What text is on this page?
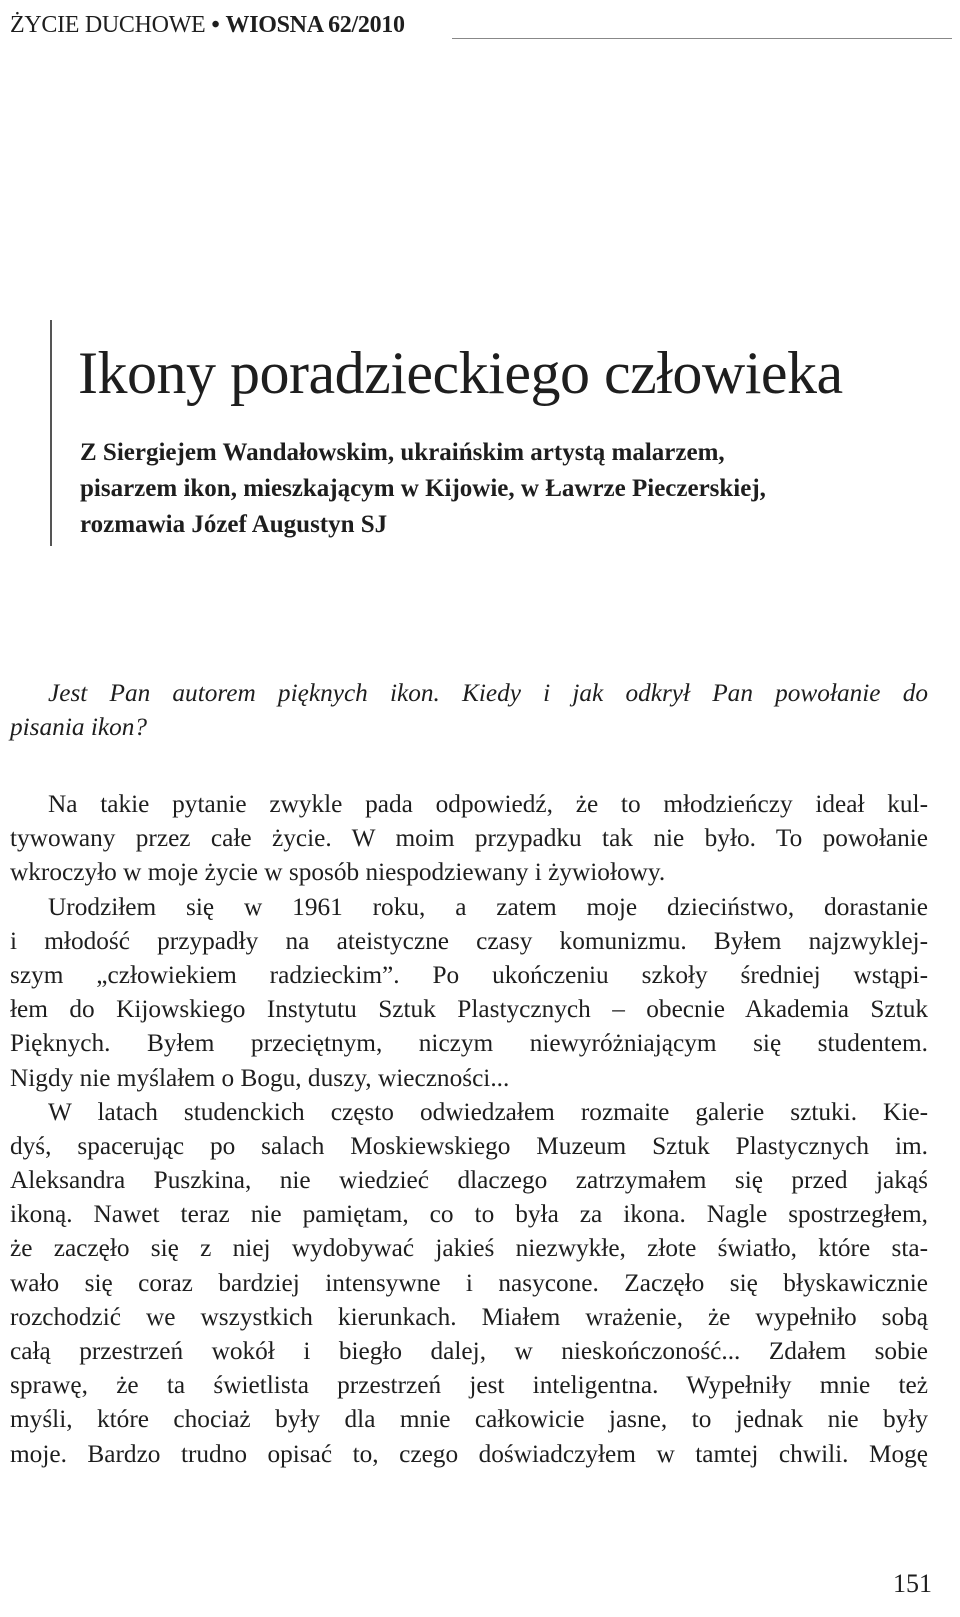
ŻYCIE DUCHOWE • WIOSNA 62/2010
Ikony poradzieckiego człowieka
Z Siergiejem Wandałowskim, ukraińskim artystą malarzem,
pisarzem ikon, mieszkającym w Kijowie, w Ławrze Pieczerskiej,
rozmawia Józef Augustyn SJ
Jest Pan autorem pięknych ikon. Kiedy i jak odkrył Pan powołanie do
pisania ikon?
Na takie pytanie zwykle pada odpowiedź, że to młodzieńczy ideał kul-
tywowany przez całe życie. W moim przypadku tak nie było. To powołanie
wkroczyło w moje życie w sposób niespodziewany i żywiołowy.
Urodziłem się w 1961 roku, a zatem moje dzieciństwo, dorastanie
i młodość przypadły na ateistyczne czasy komunizmu. Byłem najzwyklej-
szym „człowiekiem radzieckim”. Po ukończeniu szkoły średniej wstąpi-
łem do Kijowskiego Instytutu Sztuk Plastycznych – obecnie Akademia Sztuk
Pięknych. Byłem przeciętnym, niczym niewyróżniającym się studentem.
Nigdy nie myślałem o Bogu, duszy, wieczności...
W latach studenckich często odwiedzałem rozmaite galerie sztuki. Kie-
dyś, spacerując po salach Moskiewskiego Muzeum Sztuk Plastycznych im.
Aleksandra Puszkina, nie wiedzieć dlaczego zatrzymałem się przed jakąś
ikoną. Nawet teraz nie pamiętam, co to była za ikona. Nagle spostrzegłem,
że zaczęło się z niej wydobywać jakieś niezwykłe, złote światło, które sta-
wało się coraz bardziej intensywne i nasycone. Zaczęło się błyskawicznie
rozchodzić we wszystkich kierunkach. Miałem wrażenie, że wypełniło sobą
całą przestrzeń wokół i biegło dalej, w nieskończoność... Zdałem sobie
sprawę, że ta świetlista przestrzeń jest inteligentna. Wypełniły mnie też
myśli, które chociaż były dla mnie całkowicie jasne, to jednak nie były
moje. Bardzo trudno opisać to, czego doświadczyłem w tamtej chwili. Mogę
151
